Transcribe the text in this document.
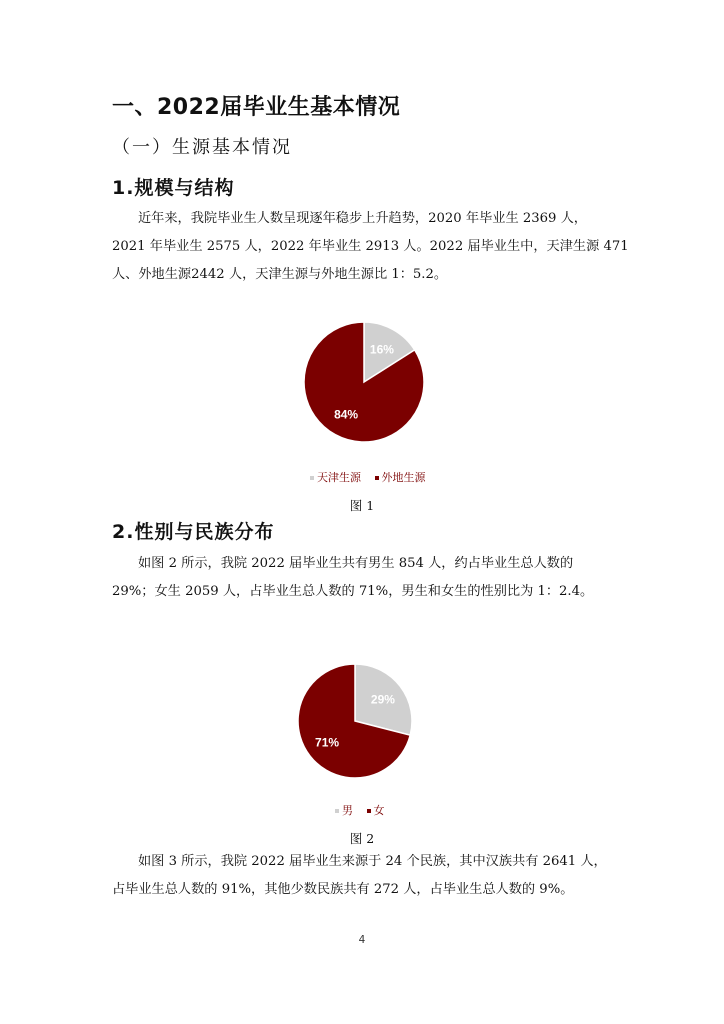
一、2022届毕业生基本情况
（一）生源基本情况
1.规模与结构
近年来，我院毕业生人数呈现逐年稳步上升趋势，2020 年毕业生 2369 人，
2021 年毕业生 2575 人，2022 年毕业生 2913 人。2022 届毕业生中，天津生源 471
人、外地生源2442 人，天津生源与外地生源比 1：5.2。
16%
84%
天津生源 外地生源
图 1
2.性别与民族分布
如图 2 所示，我院 2022 届毕业生共有男生 854 人，约占毕业生总人数的
29%；女生 2059 人，占毕业生总人数的 71%，男生和女生的性别比为 1：2.4。
29%
71%
男 女
图 2
如图 3 所示，我院 2022 届毕业生来源于 24 个民族，其中汉族共有 2641 人，
占毕业生总人数的 91%，其他少数民族共有 272 人，占毕业生总人数的 9%。
4
